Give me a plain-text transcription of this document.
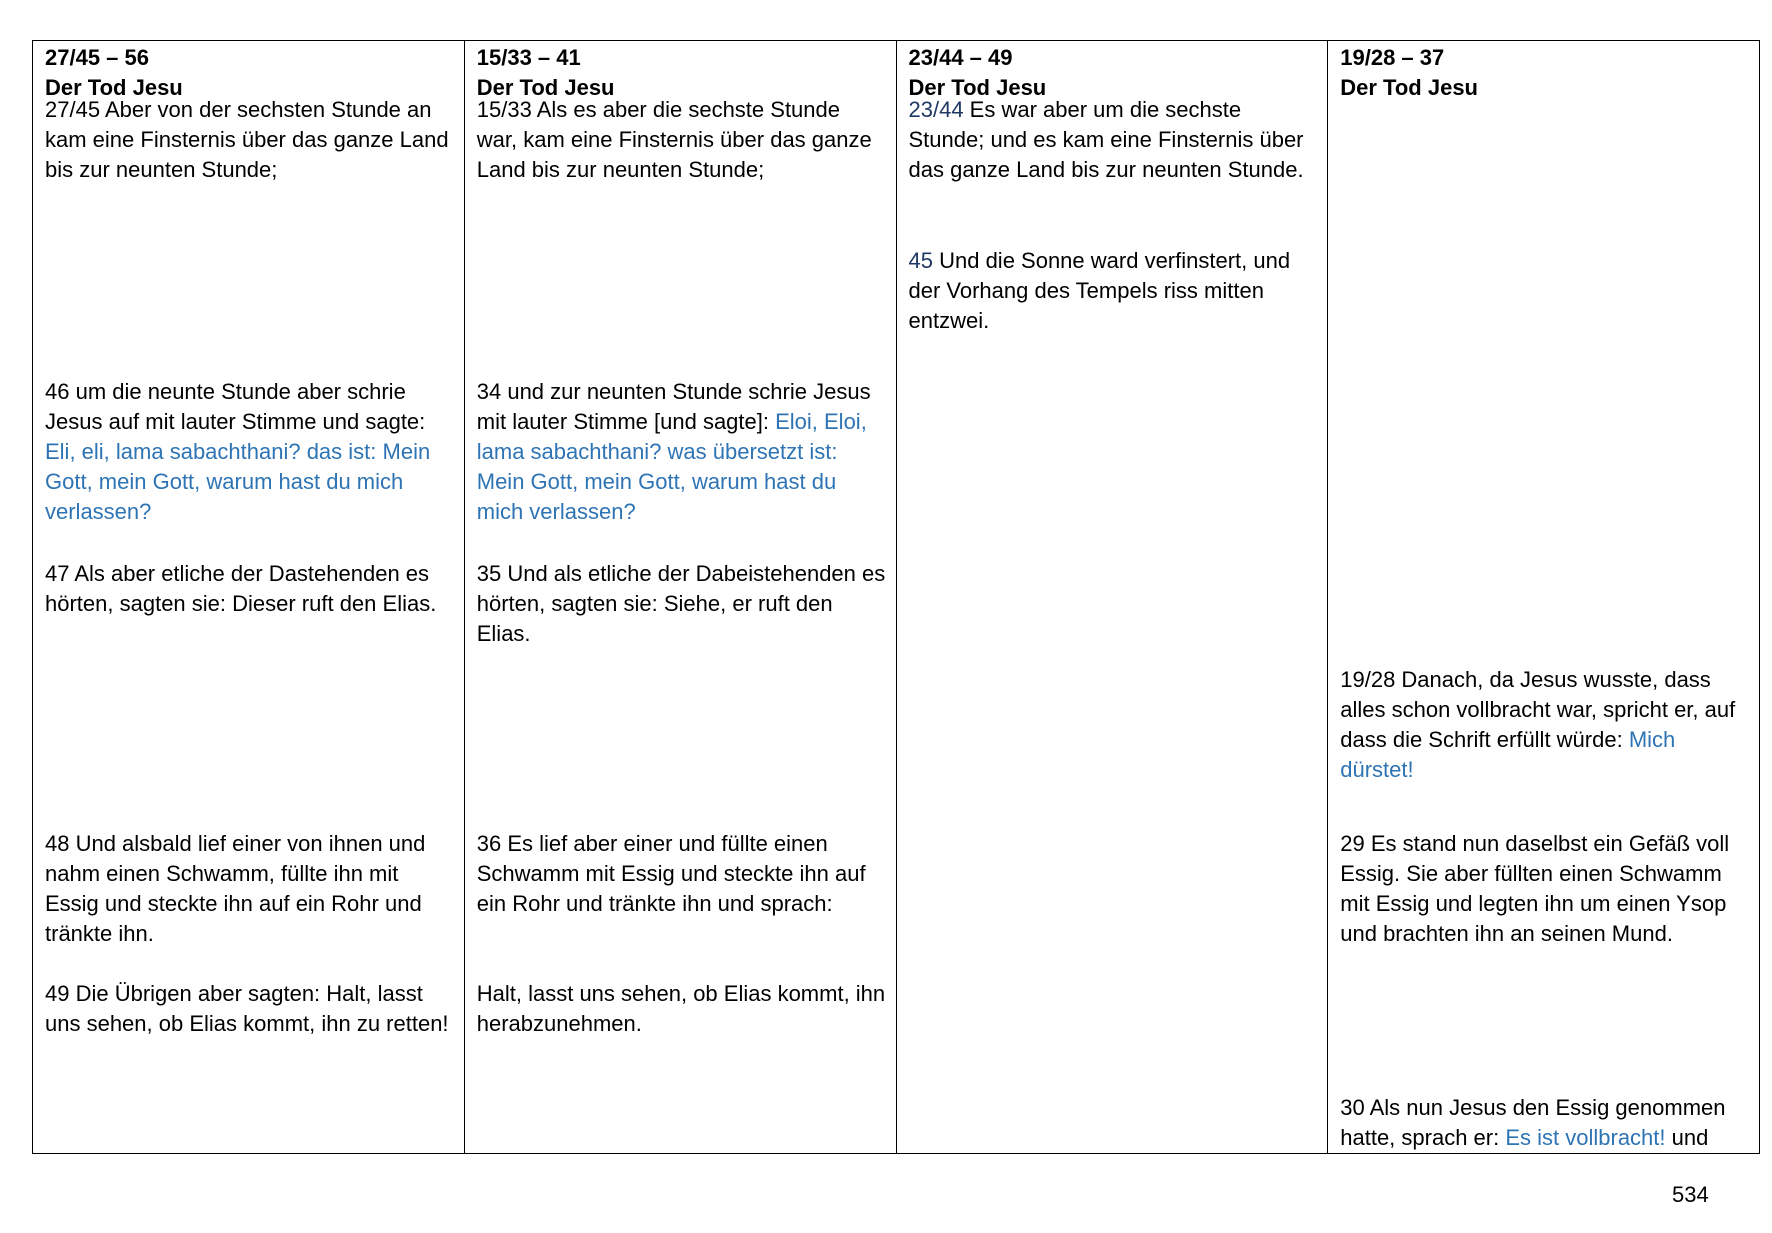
27/45 – 56
Der Tod Jesu
27/45 Aber von der sechsten Stunde an kam eine Finsternis über das ganze Land bis zur neunten Stunde;
46 um die neunte Stunde aber schrie Jesus auf mit lauter Stimme und sagte: Eli, eli, lama sabachthani? das ist: Mein Gott, mein Gott, warum hast du mich verlassen?
47 Als aber etliche der Dastehenden es hörten, sagten sie: Dieser ruft den Elias.
48 Und alsbald lief einer von ihnen und nahm einen Schwamm, füllte ihn mit Essig und steckte ihn auf ein Rohr und tränkte ihn.
49 Die Übrigen aber sagten: Halt, lasst uns sehen, ob Elias kommt, ihn zu retten!
15/33 – 41
Der Tod Jesu
15/33 Als es aber die sechste Stunde war, kam eine Finsternis über das ganze Land bis zur neunten Stunde;
34 und zur neunten Stunde schrie Jesus mit lauter Stimme [und sagte]: Eloi, Eloi, lama sabachthani? was übersetzt ist: Mein Gott, mein Gott, warum hast du mich verlassen?
35 Und als etliche der Dabeistehenden es hörten, sagten sie: Siehe, er ruft den Elias.
36 Es lief aber einer und füllte einen Schwamm mit Essig und steckte ihn auf ein Rohr und tränkte ihn und sprach:
Halt, lasst uns sehen, ob Elias kommt, ihn herabzunehmen.
23/44 – 49
Der Tod Jesu
23/44 Es war aber um die sechste Stunde; und es kam eine Finsternis über das ganze Land bis zur neunten Stunde.
45 Und die Sonne ward verfinstert, und der Vorhang des Tempels riss mitten entzwei.
19/28 – 37
Der Tod Jesu
19/28 Danach, da Jesus wusste, dass alles schon vollbracht war, spricht er, auf dass die Schrift erfüllt würde: Mich dürstet!
29 Es stand nun daselbst ein Gefäß voll Essig. Sie aber füllten einen Schwamm mit Essig und legten ihn um einen Ysop und brachten ihn an seinen Mund.
30 Als nun Jesus den Essig genommen hatte, sprach er: Es ist vollbracht! und
534
